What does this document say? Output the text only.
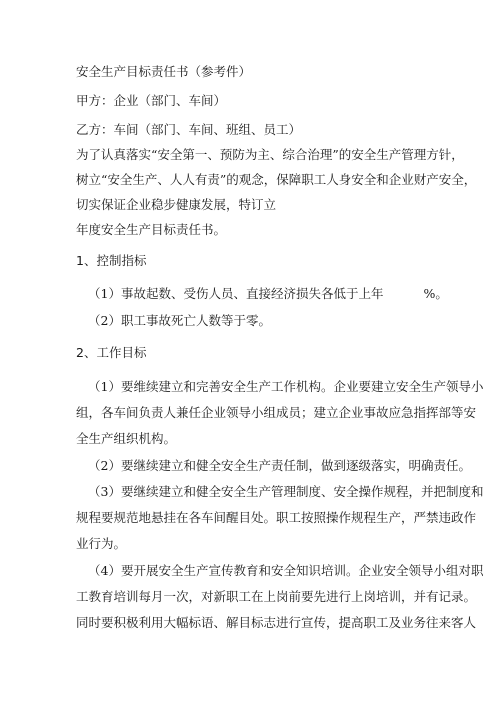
安全生产目标责任书（参考件）
甲方：企业（部门、车间）
乙方：车间（部门、车间、班组、员工）
为了认真落实“安全第一、预防为主、综合治理”的安全生产管理方针，
树立“安全生产、人人有责”的观念，保障职工人身安全和企业财产安全，
切实保证企业稳步健康发展，特订立
年度安全生产目标责任书。
1、控制指标
（1）事故起数、受伤人员、直接经济损失各低于上年	%。
（2）职工事故死亡人数等于零。
2、工作目标
（1）要维续建立和完善安全生产工作机构。企业要建立安全生产领导小
组，各车间负责人兼任企业领导小组成员；建立企业事故应急指挥部等安
全生产组织机构。
（2）要继续建立和健全安全生产责任制，做到逐级落实，明确责任。
（3）要继续建立和健全安全生产管理制度、安全操作规程，并把制度和
规程要规范地悬挂在各车间醒目处。职工按照操作规程生产，严禁违政作
业行为。
（4）要开展安全生产宣传教育和安全知识培训。企业安全领导小组对职
工教育培训每月一次，对新职工在上岗前要先进行上岗培训，并有记录。
同时要积极利用大幅标语、解目标志进行宣传，提高职工及业务往来客人
